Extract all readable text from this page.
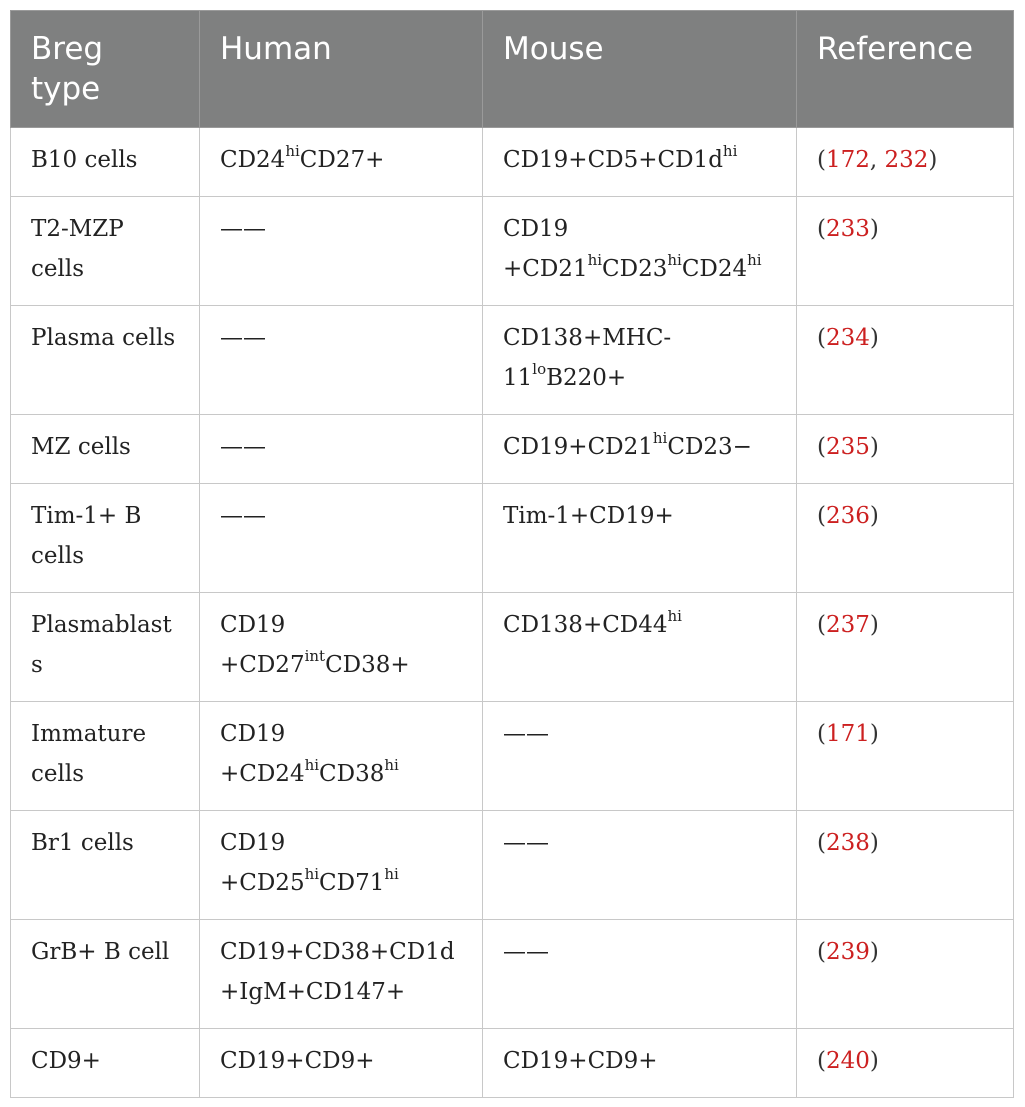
Breg type	Human	Mouse	Reference
B10 cells	$CD24^{hi}CD27+$	$CD19+CD5+CD1d^{hi}$	(172, 232)
T2-MZP cells	——	$CD19 +CD21^{hi}CD23^{hi}CD24^{hi}$	(233)
Plasma cells	——	$CD138+MHC-11^{lo}B220+$	(234)
MZ cells	——	$CD19+CD21^{hi}CD23-$	(235)
Tim-1+ B cells	——	Tim-1+CD19+	(236)
Plasmablasts	$CD19 +CD27^{int}CD38+$	$CD138+CD44^{hi}$	(237)
Immature cells	$CD19 +CD24^{hi}CD38^{hi}$	——	(171)
Br1 cells	$CD19 +CD25^{hi}CD71^{hi}$	——	(238)
GrB+ B cell	CD19+CD38+CD1d +IgM+CD147+	——	(239)
CD9+	CD19+CD9+	CD19+CD9+	(240)
